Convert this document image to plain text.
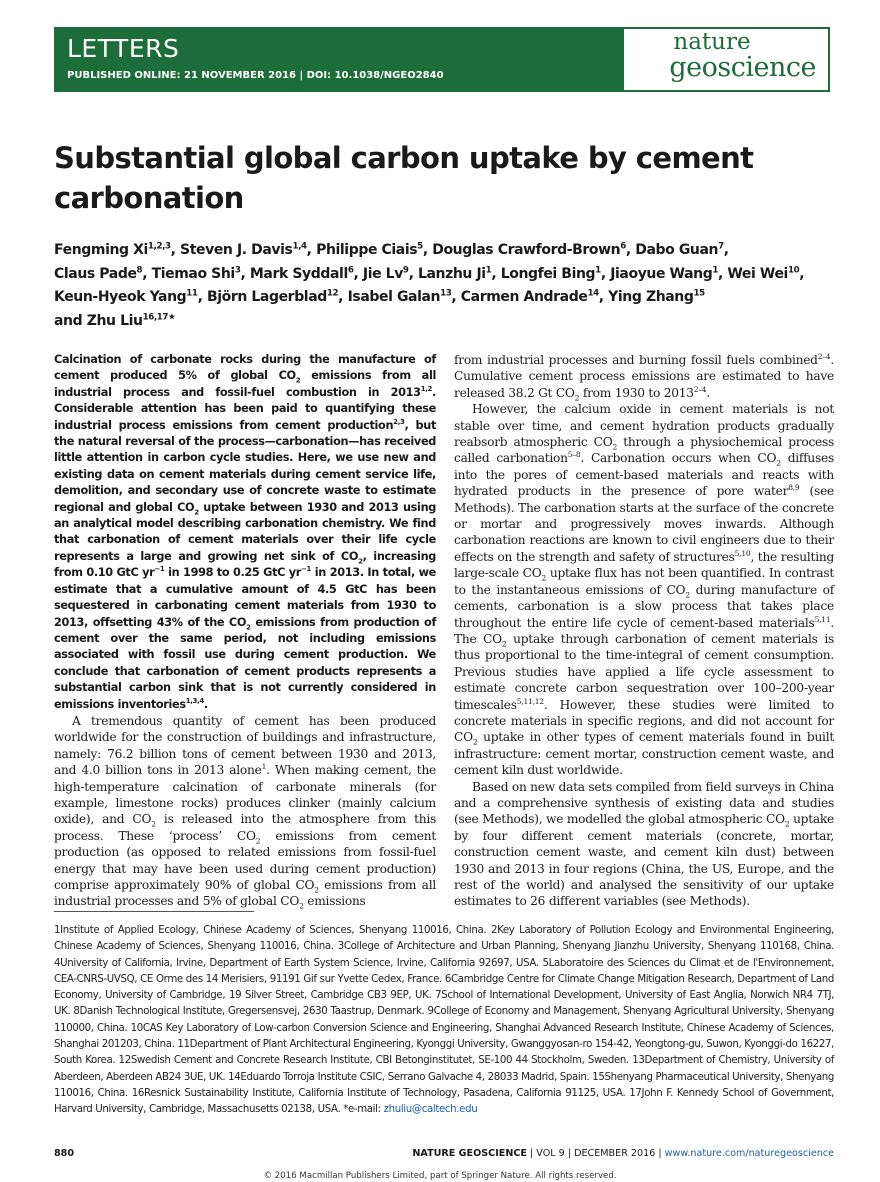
LETTERS
PUBLISHED ONLINE: 21 NOVEMBER 2016 | DOI: 10.1038/NGEO2840
nature
geoscience
Substantial global carbon uptake by cement carbonation
Fengming Xi$^{1,2,3}$, Steven J. Davis$^{1,4}$, Philippe Ciais$^5$, Douglas Crawford-Brown$^6$, Dabo Guan$^7$,
Claus Pade$^8$, Tiemao Shi$^3$, Mark Syddall$^6$, Jie Lv$^9$, Lanzhu Ji$^1$, Longfei Bing$^1$, Jiaoyue Wang$^1$, Wei Wei$^{10}$,
Keun-Hyeok Yang$^{11}$, Björn Lagerblad$^{12}$, Isabel Galan$^{13}$, Carmen Andrade$^{14}$, Ying Zhang$^{15}$
and Zhu Liu$^{16,17★}$

Calcination of carbonate rocks during the manufacture of cement produced 5% of global $CO_2$ emissions from all industrial process and fossil-fuel combustion in 2013$^{1,2}$. Considerable attention has been paid to quantifying these industrial process emissions from cement production$^{2,3}$, but the natural reversal of the process—carbonation—has received little attention in carbon cycle studies. Here, we use new and existing data on cement materials during cement service life, demolition, and secondary use of concrete waste to estimate regional and global $CO_2$ uptake between 1930 and 2013 using an analytical model describing carbonation chemistry. We find that carbonation of cement materials over their life cycle represents a large and growing net sink of $CO_2$, increasing from 0.10 GtC $yr^{-1}$ in 1998 to 0.25 GtC $yr^{-1}$ in 2013. In total, we estimate that a cumulative amount of 4.5 GtC has been sequestered in carbonating cement materials from 1930 to 2013, offsetting 43% of the $CO_2$ emissions from production of cement over the same period, not including emissions associated with fossil use during cement production. We conclude that carbonation of cement products represents a substantial carbon sink that is not currently considered in emissions inventories$^{1,3,4}$.

A tremendous quantity of cement has been produced worldwide for the construction of buildings and infrastructure, namely: 76.2 billion tons of cement between 1930 and 2013, and 4.0 billion tons in 2013 alone$^1$. When making cement, the high-temperature calcination of carbonate minerals (for example, limestone rocks) produces clinker (mainly calcium oxide), and $CO_2$ is released into the atmosphere from this process. These ‘process’ $CO_2$ emissions from cement production (as opposed to related emissions from fossil-fuel energy that may have been used during cement production) comprise approximately 90% of global $CO_2$ emissions from all industrial processes and 5% of global $CO_2$ emissions

from industrial processes and burning fossil fuels combined$^{2-4}$. Cumulative cement process emissions are estimated to have released 38.2 Gt $CO_2$ from 1930 to 2013$^{2-4}$.

However, the calcium oxide in cement materials is not stable over time, and cement hydration products gradually reabsorb atmospheric $CO_2$ through a physiochemical process called carbonation$^{5-8}$. Carbonation occurs when $CO_2$ diffuses into the pores of cement-based materials and reacts with hydrated products in the presence of pore water$^{8,9}$ (see Methods). The carbonation starts at the surface of the concrete or mortar and progressively moves inwards. Although carbonation reactions are known to civil engineers due to their effects on the strength and safety of structures$^{5,10}$, the resulting large-scale $CO_2$ uptake flux has not been quantified. In contrast to the instantaneous emissions of $CO_2$ during manufacture of cements, carbonation is a slow process that takes place throughout the entire life cycle of cement-based materials$^{5,11}$. The $CO_2$ uptake through carbonation of cement materials is thus proportional to the time-integral of cement consumption. Previous studies have applied a life cycle assessment to estimate concrete carbon sequestration over 100–200-year timescales$^{5,11,12}$. However, these studies were limited to concrete materials in specific regions, and did not account for $CO_2$ uptake in other types of cement materials found in built infrastructure: cement mortar, construction cement waste, and cement kiln dust worldwide.

Based on new data sets compiled from field surveys in China and a comprehensive synthesis of existing data and studies (see Methods), we modelled the global atmospheric $CO_2$ uptake by four different cement materials (concrete, mortar, construction cement waste, and cement kiln dust) between 1930 and 2013 in four regions (China, the US, Europe, and the rest of the world) and analysed the sensitivity of our uptake estimates to 26 different variables (see Methods).

1Institute of Applied Ecology, Chinese Academy of Sciences, Shenyang 110016, China. 2Key Laboratory of Pollution Ecology and Environmental Engineering, Chinese Academy of Sciences, Shenyang 110016, China. 3College of Architecture and Urban Planning, Shenyang Jianzhu University, Shenyang 110168, China. 4University of California, Irvine, Department of Earth System Science, Irvine, California 92697, USA. 5Laboratoire des Sciences du Climat et de l'Environnement, CEA-CNRS-UVSQ, CE Orme des 14 Merisiers, 91191 Gif sur Yvette Cedex, France. 6Cambridge Centre for Climate Change Mitigation Research, Department of Land Economy, University of Cambridge, 19 Silver Street, Cambridge CB3 9EP, UK. 7School of International Development, University of East Anglia, Norwich NR4 7TJ, UK. 8Danish Technological Institute, Gregersensvej, 2630 Taastrup, Denmark. 9College of Economy and Management, Shenyang Agricultural University, Shenyang 110000, China. 10CAS Key Laboratory of Low-carbon Conversion Science and Engineering, Shanghai Advanced Research Institute, Chinese Academy of Sciences, Shanghai 201203, China. 11Department of Plant Architectural Engineering, Kyonggi University, Gwanggyosan-ro 154-42, Yeongtong-gu, Suwon, Kyonggi-do 16227, South Korea. 12Swedish Cement and Concrete Research Institute, CBI Betonginstitutet, SE-100 44 Stockholm, Sweden. 13Department of Chemistry, University of Aberdeen, Aberdeen AB24 3UE, UK. 14Eduardo Torroja Institute CSIC, Serrano Galvache 4, 28033 Madrid, Spain. 15Shenyang Pharmaceutical University, Shenyang 110016, China. 16Resnick Sustainability Institute, California Institute of Technology, Pasadena, California 91125, USA. 17John F. Kennedy School of Government, Harvard University, Cambridge, Massachusetts 02138, USA. *e-mail: zhuliu@caltech.edu
880	NATURE GEOSCIENCE | VOL 9 | DECEMBER 2016 | www.nature.com/naturegeoscience
© 2016 Macmillan Publishers Limited, part of Springer Nature. All rights reserved.
